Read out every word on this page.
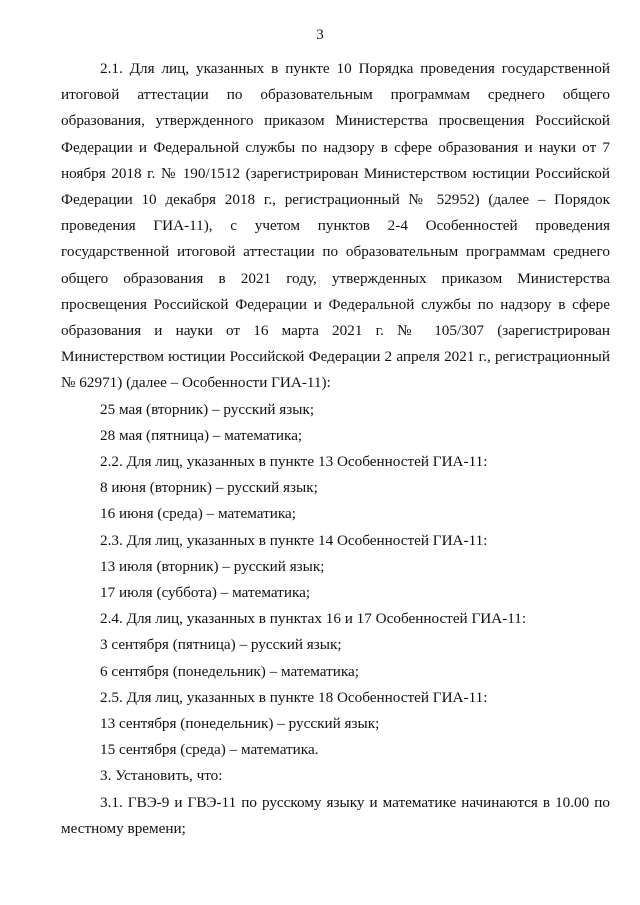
3

2.1. Для лиц, указанных в пункте 10 Порядка проведения государственной итоговой аттестации по образовательным программам среднего общего образования, утвержденного приказом Министерства просвещения Российской Федерации и Федеральной службы по надзору в сфере образования и науки от 7 ноября 2018 г. № 190/1512 (зарегистрирован Министерством юстиции Российской Федерации 10 декабря 2018 г., регистрационный № 52952) (далее – Порядок проведения ГИА-11), с учетом пунктов 2-4 Особенностей проведения государственной итоговой аттестации по образовательным программам среднего общего образования в 2021 году, утвержденных приказом Министерства просвещения Российской Федерации и Федеральной службы по надзору в сфере образования и науки от 16 марта 2021 г. № 105/307 (зарегистрирован Министерством юстиции Российской Федерации 2 апреля 2021 г., регистрационный № 62971) (далее – Особенности ГИА-11):

25 мая (вторник) – русский язык;

28 мая (пятница) – математика;

2.2. Для лиц, указанных в пункте 13 Особенностей ГИА-11:

8 июня (вторник) – русский язык;

16 июня (среда) – математика;

2.3. Для лиц, указанных в пункте 14 Особенностей ГИА-11:

13 июля (вторник) – русский язык;

17 июля (суббота) – математика;

2.4. Для лиц, указанных в пунктах 16 и 17 Особенностей ГИА-11:

3 сентября (пятница) – русский язык;

6 сентября (понедельник) – математика;

2.5. Для лиц, указанных в пункте 18 Особенностей ГИА-11:

13 сентября (понедельник) – русский язык;

15 сентября (среда) – математика.

3. Установить, что:

3.1. ГВЭ-9 и ГВЭ-11 по русскому языку и математике начинаются в 10.00 по местному времени;
